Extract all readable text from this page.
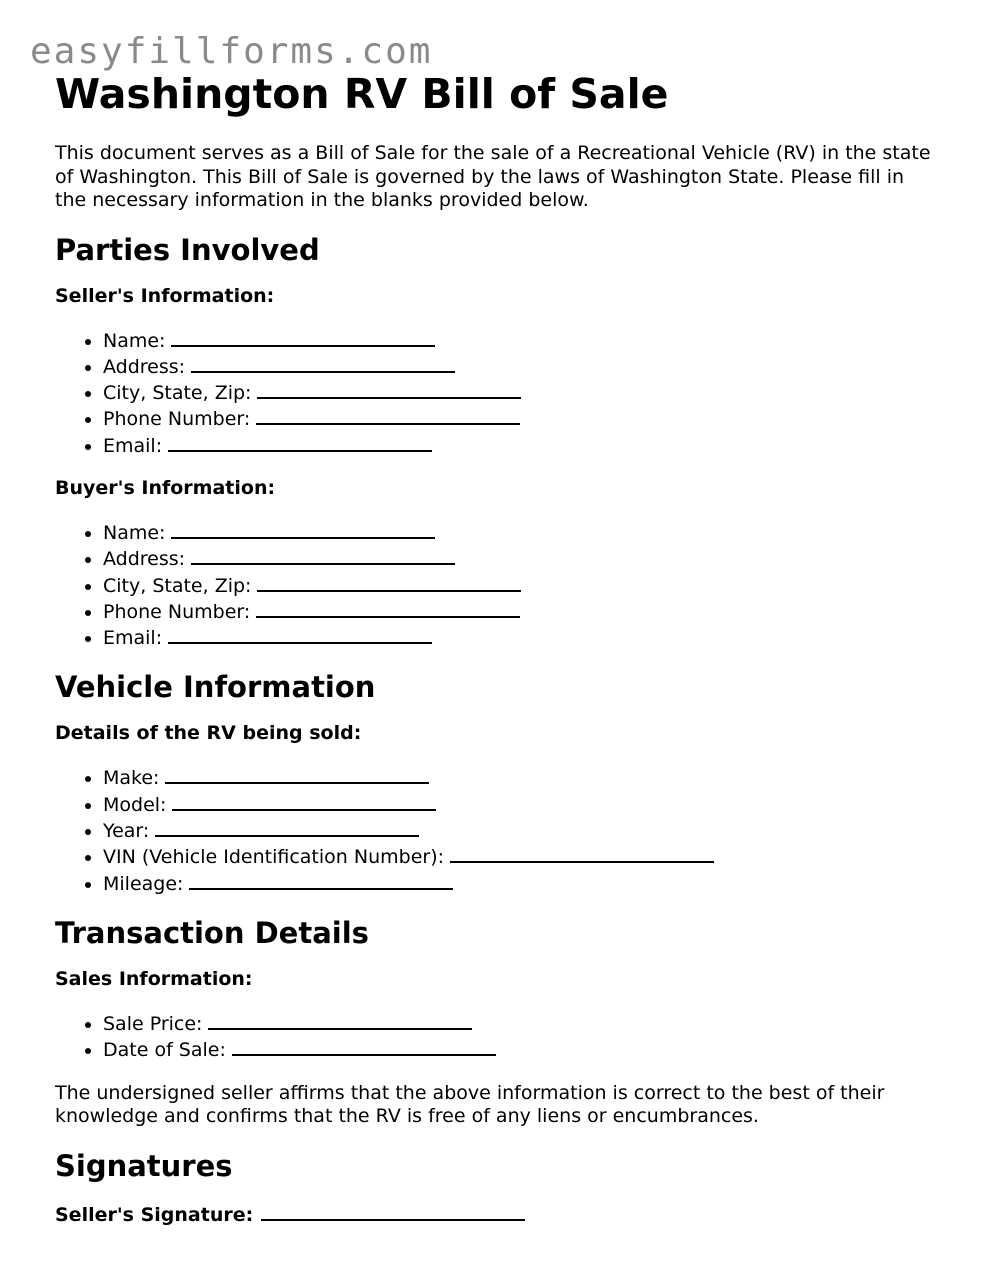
easyfillforms.com
Washington RV Bill of Sale

This document serves as a Bill of Sale for the sale of a Recreational Vehicle (RV) in the state of Washington. This Bill of Sale is governed by the laws of Washington State. Please fill in the necessary information in the blanks provided below.

Parties Involved

Seller's Information:

• Name:
• Address:
• City, State, Zip:
• Phone Number:
• Email:

Buyer's Information:

• Name:
• Address:
• City, State, Zip:
• Phone Number:
• Email:
Vehicle Information

Details of the RV being sold:

• Make:
• Model:
• Year:
• VIN (Vehicle Identification Number):
• Mileage:
Transaction Details

Sales Information:

• Sale Price:
• Date of Sale:

The undersigned seller affirms that the above information is correct to the best of their knowledge and confirms that the RV is free of any liens or encumbrances.

Signatures
Seller's Signature:
